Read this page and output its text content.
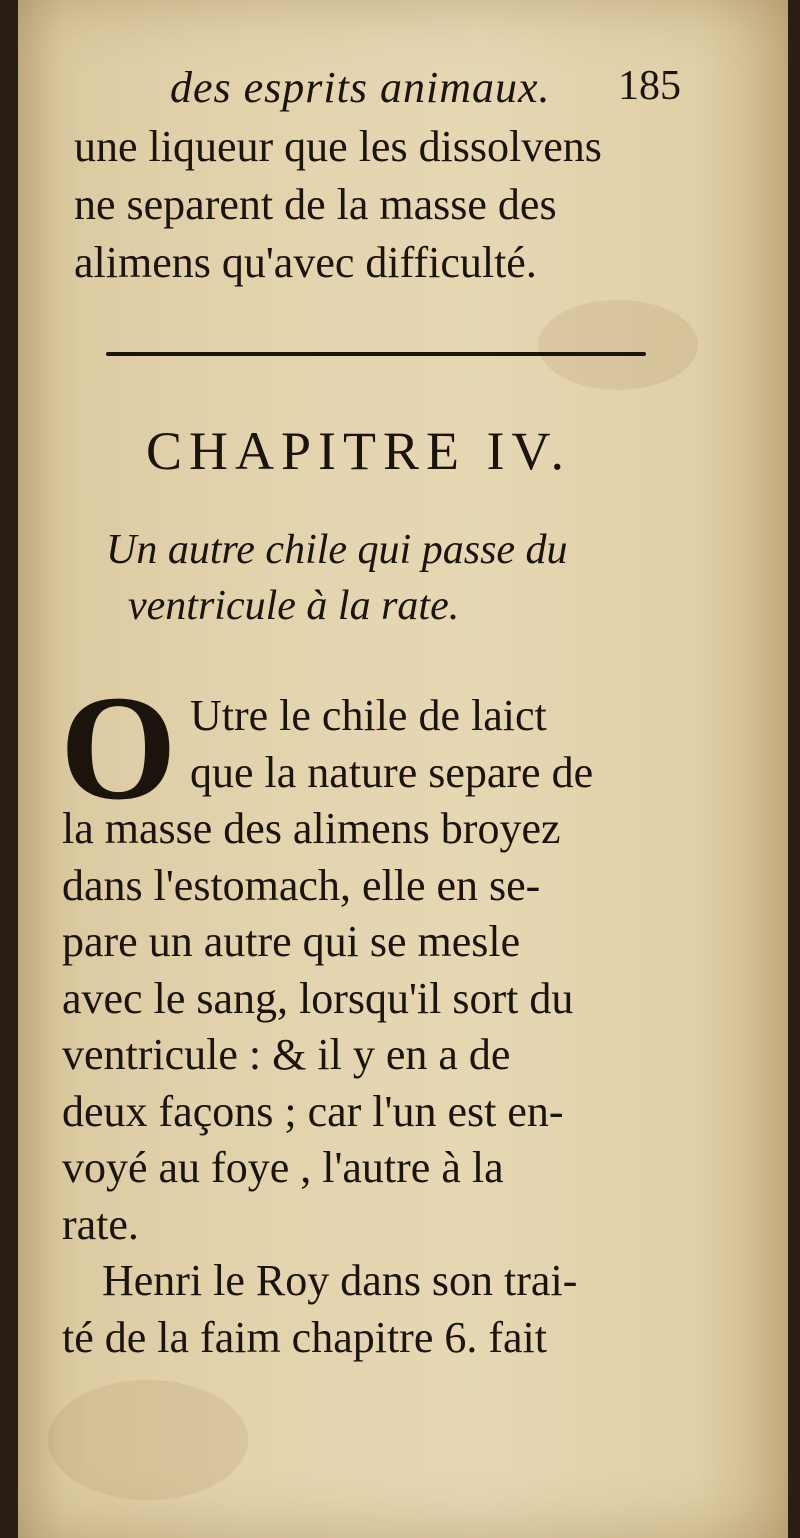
des esprits animaux. 185
une liqueur que les dissolvens
ne separent de la masse des
alimens qu'avec difficulté.
CHAPITRE IV.
Un autre chile qui passe du
ventricule à la rate.
O Utre le chile de laict
que la nature separe de
la masse des alimens broyez
dans l'estomach, elle en se-
pare un autre qui se mesle
avec le sang, lorsqu'il sort du
ventricule : & il y en a de
deux façons ; car l'un est en-
voyé au foye , l'autre à la
rate.
Henri le Roy dans son trai-
té de la faim chapitre 6. fait
